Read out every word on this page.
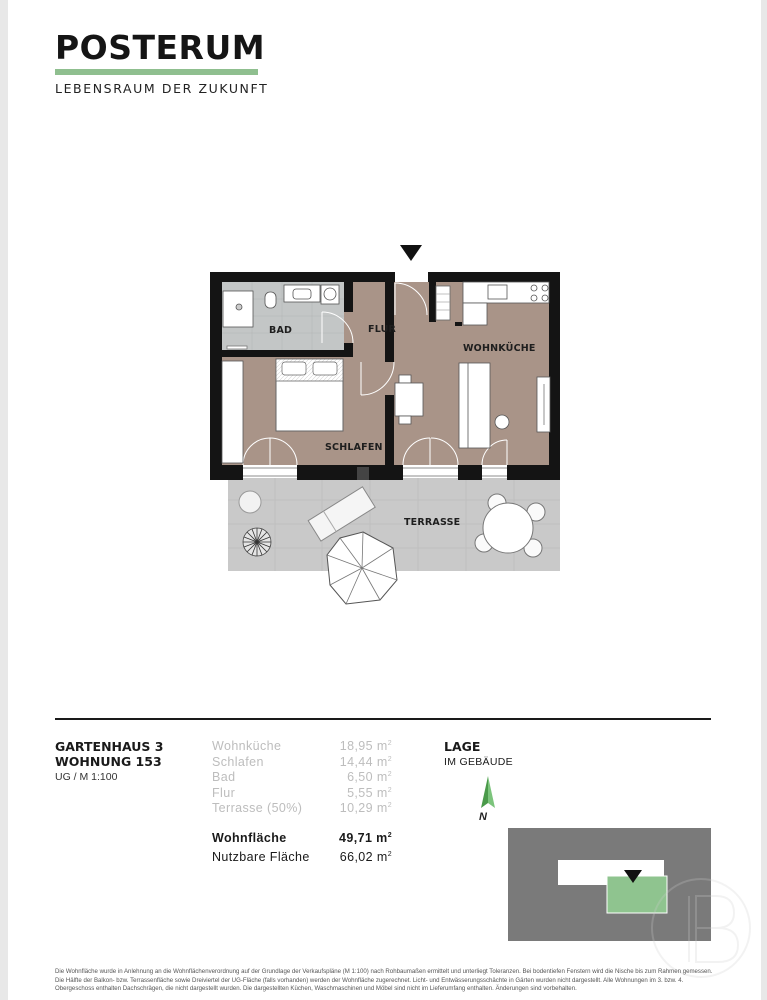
POSTERUM
LEBENSRAUM DER ZUKUNFT
BAD	FLUR
WOHNKÜCHE
SCHLAFEN
TERRASSE
GARTENHAUS 3
WOHNUNG 153
UG / M 1:100
Wohnküche	18,95 $m^2$
Schlafen	14,44 $m^2$
Bad	6,50 $m^2$
Flur	5,55 $m^2$
Terrasse (50%)	10,29 $m^2$
Wohnfläche	49,71 $m^2$
Nutzbare Fläche 66,02 $m^2$
LAGE
IM GEBÄUDE
N
Die Wohnfläche wurde in Anlehnung an die Wohnflächenverordnung auf der Grundlage der Verkaufspläne (M 1:100) nach Rohbaumaßen ermittelt und unterliegt Toleranzen. Bei bodentiefen Fenstern wird die Nische bis zum Rahmen gemessen. Die Hälfte der Balkon- bzw. Terrassenfläche sowie Dreiviertel der UG-Fläche (falls vorhanden) werden der Wohnfläche zugerechnet. Licht- und Entwässerungsschächte in Gärten wurden nicht dargestellt. Alle Wohnungen im 3. bzw. 4. Obergeschoss enthalten Dachschrägen, die nicht dargestellt wurden. Die dargestellten Küchen, Waschmaschinen und Möbel sind nicht im Lieferumfang enthalten. Änderungen sind vorbehalten.
